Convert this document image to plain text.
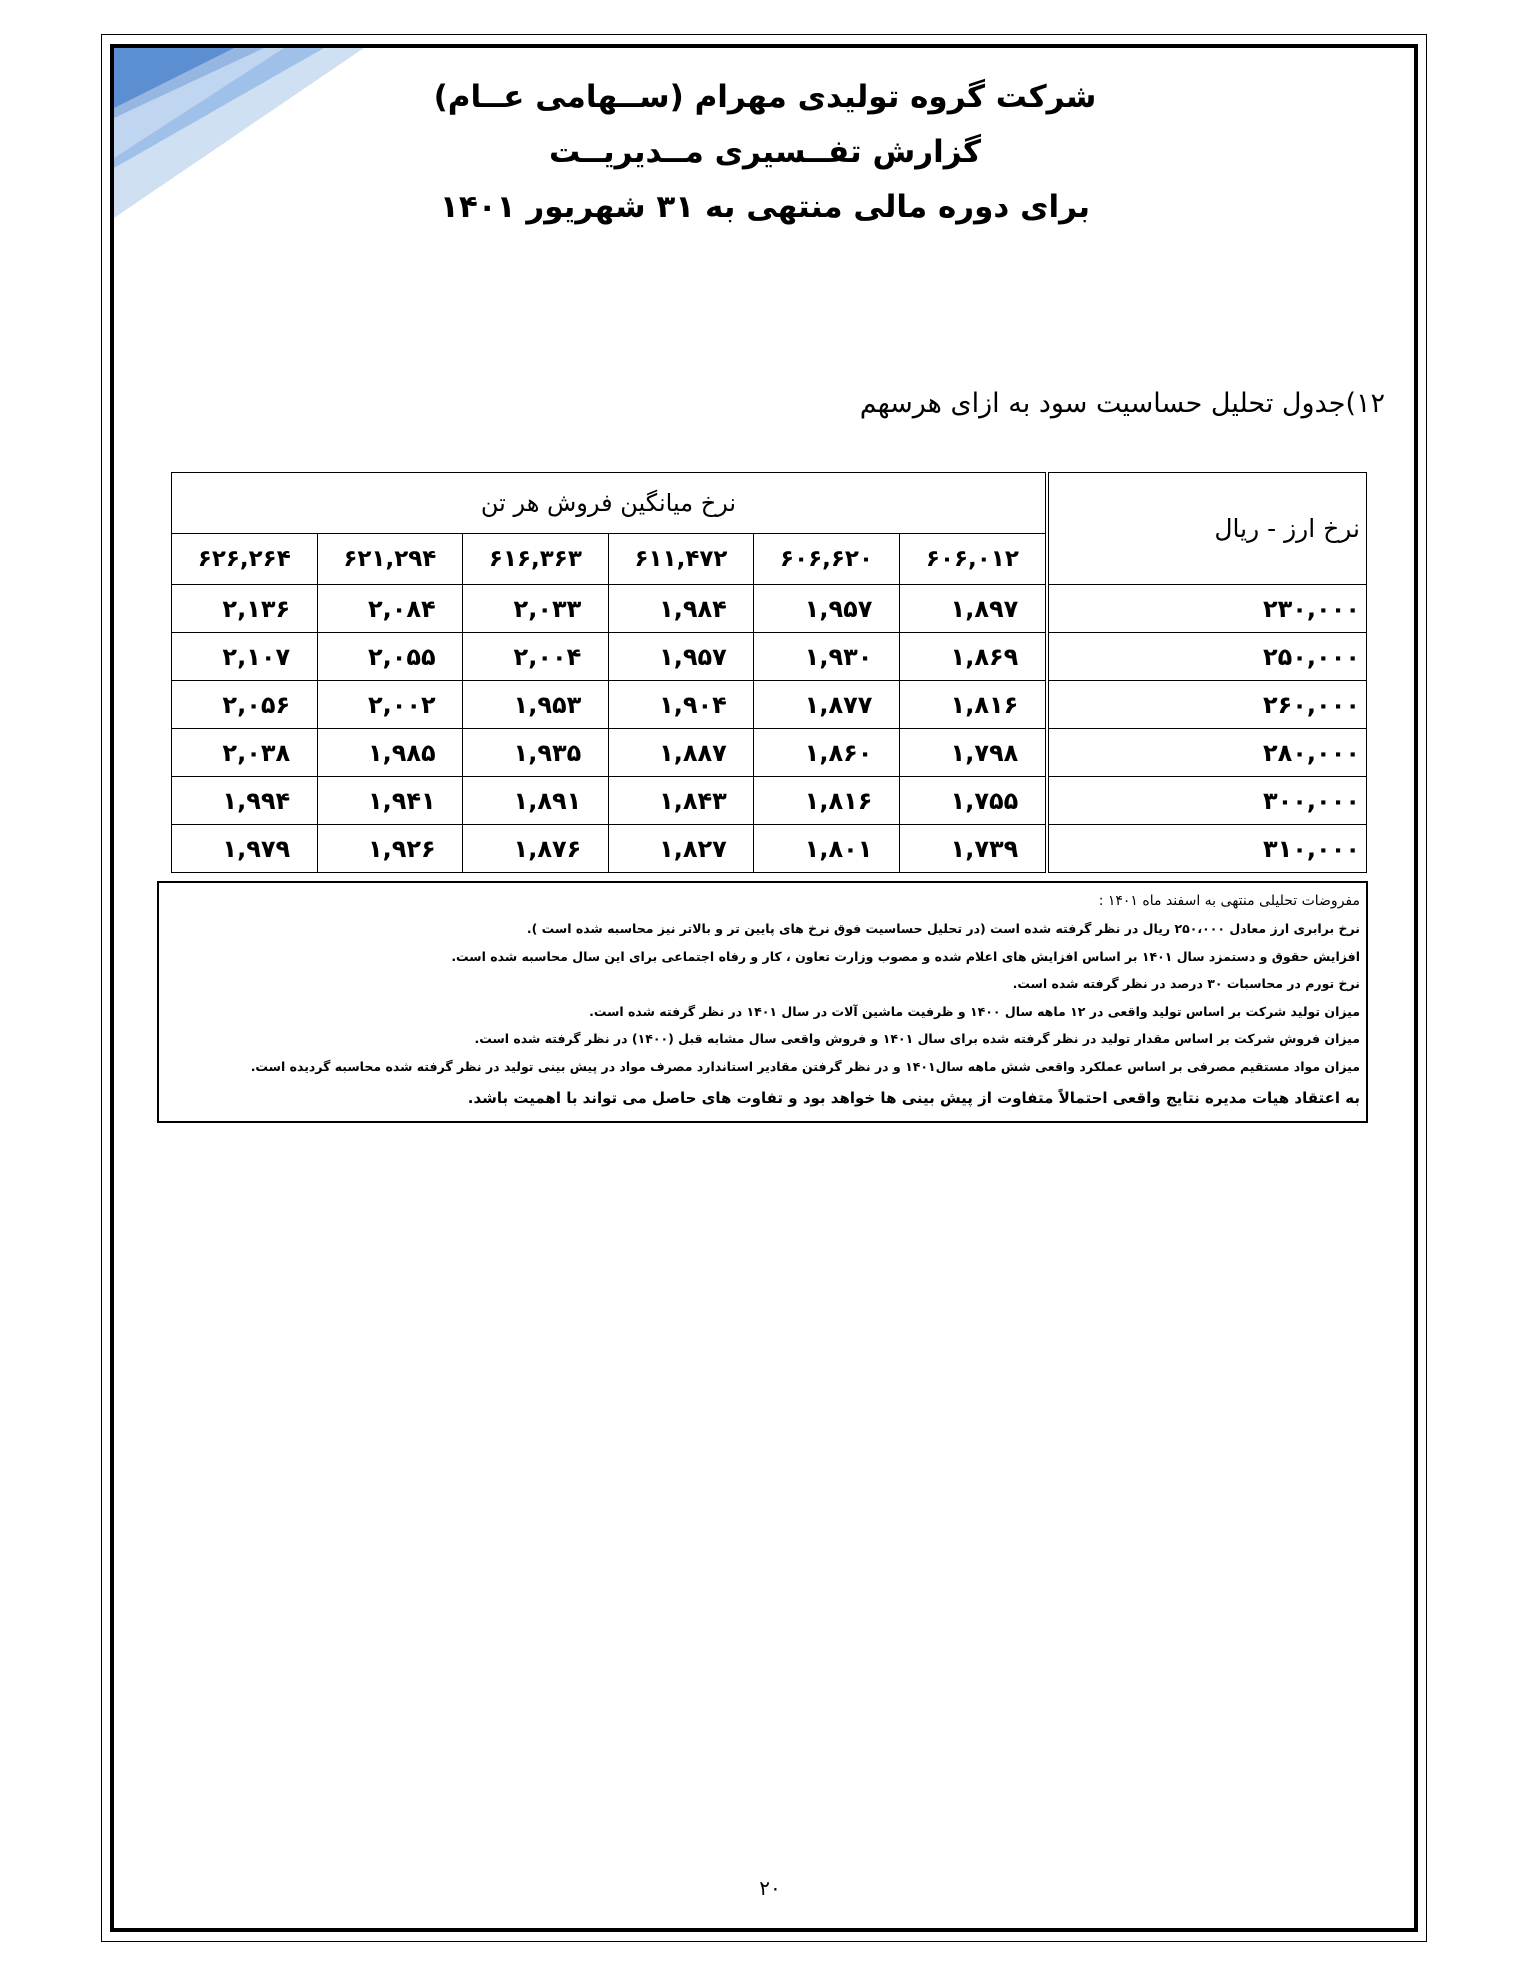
شرکت گروه تولیدی مهرام (ســهامی عــام)
گزارش تفــسیری مــدیریــت
برای دوره مالی منتهی به ۳۱ شهریور ۱۴۰۱
۱۲)جدول تحلیل حساسیت سود به ازای هرسهم
نرخ میانگین فروش هر تن						نرخ ارز - ریال
۶۲۶,۲۶۴	۶۲۱,۲۹۴	۶۱۶,۳۶۳	۶۱۱,۴۷۲	۶۰۶,۶۲۰	۶۰۶,۰۱۲	
۲,۱۳۶	۲,۰۸۴	۲,۰۳۳	۱,۹۸۴	۱,۹۵۷	۱,۸۹۷	۲۳۰,۰۰۰
۲,۱۰۷	۲,۰۵۵	۲,۰۰۴	۱,۹۵۷	۱,۹۳۰	۱,۸۶۹	۲۵۰,۰۰۰
۲,۰۵۶	۲,۰۰۲	۱,۹۵۳	۱,۹۰۴	۱,۸۷۷	۱,۸۱۶	۲۶۰,۰۰۰
۲,۰۳۸	۱,۹۸۵	۱,۹۳۵	۱,۸۸۷	۱,۸۶۰	۱,۷۹۸	۲۸۰,۰۰۰
۱,۹۹۴	۱,۹۴۱	۱,۸۹۱	۱,۸۴۳	۱,۸۱۶	۱,۷۵۵	۳۰۰,۰۰۰
۱,۹۷۹	۱,۹۲۶	۱,۸۷۶	۱,۸۲۷	۱,۸۰۱	۱,۷۳۹	۳۱۰,۰۰۰
مفروضات تحلیلی منتهی به اسفند ماه ۱۴۰۱ :
نرخ برابری ارز معادل ۲۵۰،۰۰۰ ریال در نظر گرفته شده است (در تحلیل حساسیت فوق نرخ های پایین تر و بالاتر نیز محاسبه شده است ).
افزایش حقوق و دستمزد سال ۱۴۰۱ بر اساس افزایش های اعلام شده و مصوب وزارت تعاون ، کار و رفاه اجتماعی برای این سال محاسبه شده است.
نرخ تورم در محاسبات ۳۰ درصد در نظر گرفته شده است.
میزان تولید شرکت بر اساس تولید واقعی در ۱۲ ماهه سال ۱۴۰۰ و ظرفیت ماشین آلات در سال ۱۴۰۱ در نظر گرفته شده است.
میزان فروش شرکت بر اساس مقدار تولید در نظر گرفته شده برای سال ۱۴۰۱ و فروش واقعی سال مشابه قبل (۱۴۰۰) در نظر گرفته شده است.
میزان مواد مستقیم مصرفی بر اساس عملکرد واقعی شش ماهه سال۱۴۰۱ و در نظر گرفتن مقادیر استاندارد مصرف مواد در پیش بینی تولید در نظر گرفته شده محاسبه گردیده است.
به اعتقاد هیات مدیره نتایج واقعی احتمالاً متفاوت از پیش بینی ها خواهد بود و تفاوت های حاصل می تواند با اهمیت باشد.
۲۰
